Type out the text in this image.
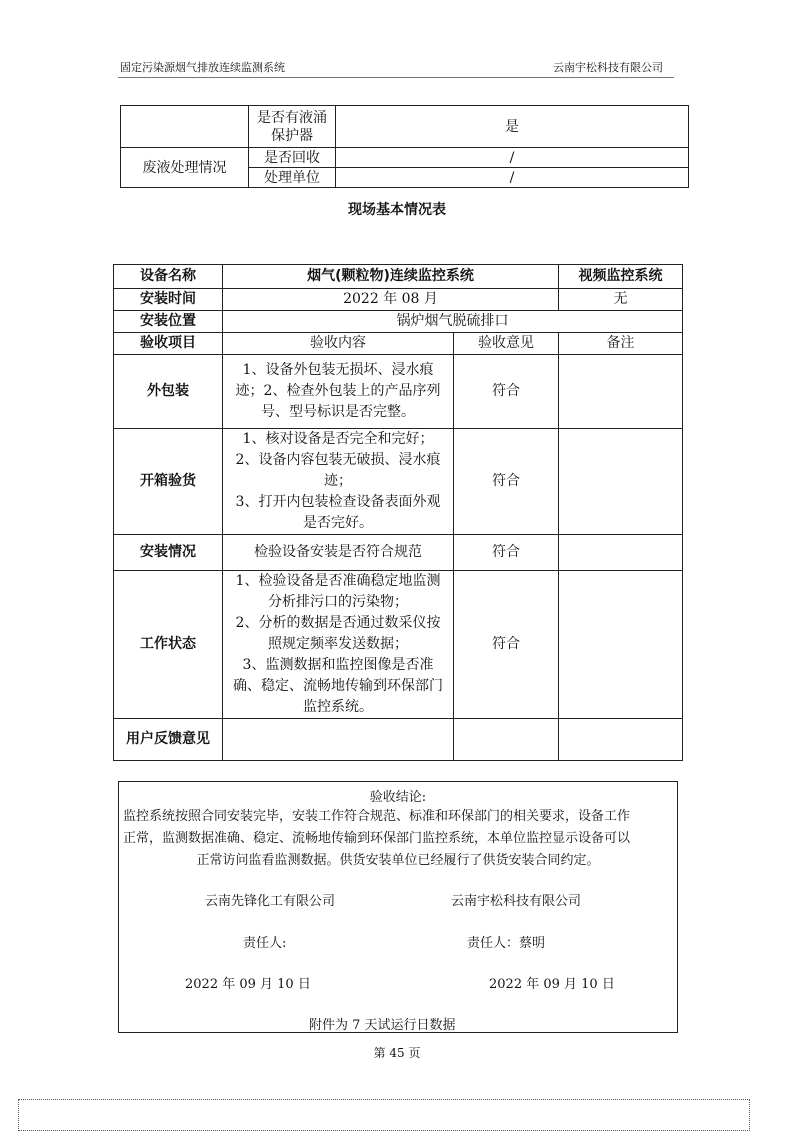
固定污染源烟气排放连续监测系统	云南宇松科技有限公司
	是否有液涌保护器	是
废液处理情况	是否回收	/
	处理单位	/
现场基本情况表
设备名称	烟气(颗粒物)连续监控系统		视频监控系统
安装时间	2022 年 08 月		无
安装位置	锅炉烟气脱硫排口		
验收项目	验收内容	验收意见	备注
外包装	1、设备外包装无损坏、浸水痕迹；2、检查外包装上的产品序列号、型号标识是否完整。	符合	
开箱验货	1、核对设备是否完全和完好；
2、设备内容包装无破损、浸水痕迹；
3、打开内包装检查设备表面外观是否完好。	符合	
安装情况	检验设备安装是否符合规范	符合	
工作状态	1、检验设备是否准确稳定地监测分析排污口的污染物；
2、分析的数据是否通过数采仪按照规定频率发送数据；
3、监测数据和监控图像是否准确、稳定、流畅地传输到环保部门监控系统。	符合	
用户反馈意见			
验收结论:
监控系统按照合同安装完毕，安装工作符合规范、标准和环保部门的相关要求，设备工作
正常，监测数据准确、稳定、流畅地传输到环保部门监控系统，本单位监控显示设备可以
正常访问监看监测数据。供货安装单位已经履行了供货安装合同约定。
云南先锋化工有限公司	云南宇松科技有限公司
责任人:	责任人：蔡明
2022 年 09 月 10 日	2022 年 09 月 10 日
附件为 7 天试运行日数据
第 45 页
